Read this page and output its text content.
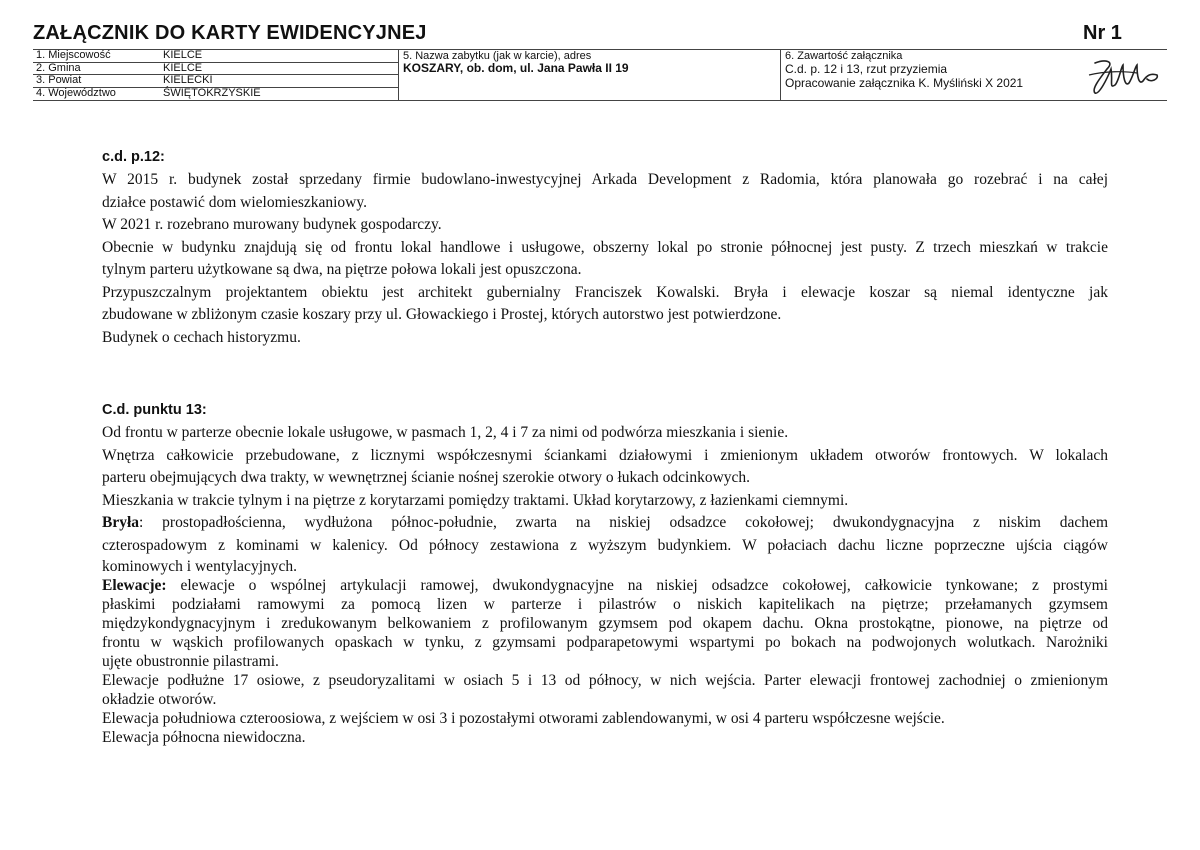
ZAŁĄCZNIK DO KARTY EWIDENCYJNEJ	Nr 1
1. Miejscowość	KIELCE
2. Gmina	KIELCE
3. Powiat	KIELECKI
4. Województwo	ŚWIĘTOKRZYSKIE
5. Nazwa zabytku (jak w karcie), adres
KOSZARY, ob. dom, ul. Jana Pawła II 19
6. Zawartość załącznika
C.d. p. 12 i 13, rzut przyziemia
Opracowanie załącznika K. Myśliński X 2021
c.d. p.12:
W 2015 r. budynek został sprzedany firmie budowlano-inwestycyjnej Arkada Development z Radomia, która planowała go rozebrać i na całej
działce postawić dom wielomieszkaniowy.
W 2021 r. rozebrano murowany budynek gospodarczy.
Obecnie w budynku znajdują się od frontu lokal handlowe i usługowe, obszerny lokal po stronie północnej jest pusty. Z trzech mieszkań w trakcie
tylnym parteru użytkowane są dwa, na piętrze połowa lokali jest opuszczona.
Przypuszczalnym projektantem obiektu jest architekt gubernialny Franciszek Kowalski. Bryła i elewacje koszar są niemal identyczne jak
zbudowane w zbliżonym czasie koszary przy ul. Głowackiego i Prostej, których autorstwo jest potwierdzone.
Budynek o cechach historyzmu.
C.d. punktu 13:
Od frontu w parterze obecnie lokale usługowe, w pasmach 1, 2, 4 i 7 za nimi od podwórza mieszkania i sienie.
Wnętrza całkowicie przebudowane, z licznymi współczesnymi ściankami działowymi i zmienionym układem otworów frontowych. W lokalach
parteru obejmujących dwa trakty, w wewnętrznej ścianie nośnej szerokie otwory o łukach odcinkowych.
Mieszkania w trakcie tylnym i na piętrze z korytarzami pomiędzy traktami. Układ korytarzowy, z łazienkami ciemnymi.
Bryła: prostopadłościenna, wydłużona północ-południe, zwarta na niskiej odsadzce cokołowej; dwukondygnacyjna z niskim dachem
czterospadowym z kominami w kalenicy. Od północy zestawiona z wyższym budynkiem. W połaciach dachu liczne poprzeczne ujścia ciągów
kominowych i wentylacyjnych.
Elewacje: elewacje o wspólnej artykulacji ramowej, dwukondygnacyjne na niskiej odsadzce cokołowej, całkowicie tynkowane; z prostymi
płaskimi podziałami ramowymi za pomocą lizen w parterze i pilastrów o niskich kapitelikach na piętrze; przełamanych gzymsem
międzykondygnacyjnym i zredukowanym belkowaniem z profilowanym gzymsem pod okapem dachu. Okna prostokątne, pionowe, na piętrze od
frontu w wąskich profilowanych opaskach w tynku, z gzymsami podparapetowymi wspartymi po bokach na podwojonych wolutkach. Narożniki
ujęte obustronnie pilastrami.
Elewacje podłużne 17 osiowe, z pseudoryzalitami w osiach 5 i 13 od północy, w nich wejścia. Parter elewacji frontowej zachodniej o zmienionym
okładzie otworów.
Elewacja południowa czteroosiowa, z wejściem w osi 3 i pozostałymi otworami zablendowanymi, w osi 4 parteru współczesne wejście.
Elewacja północna niewidoczna.
